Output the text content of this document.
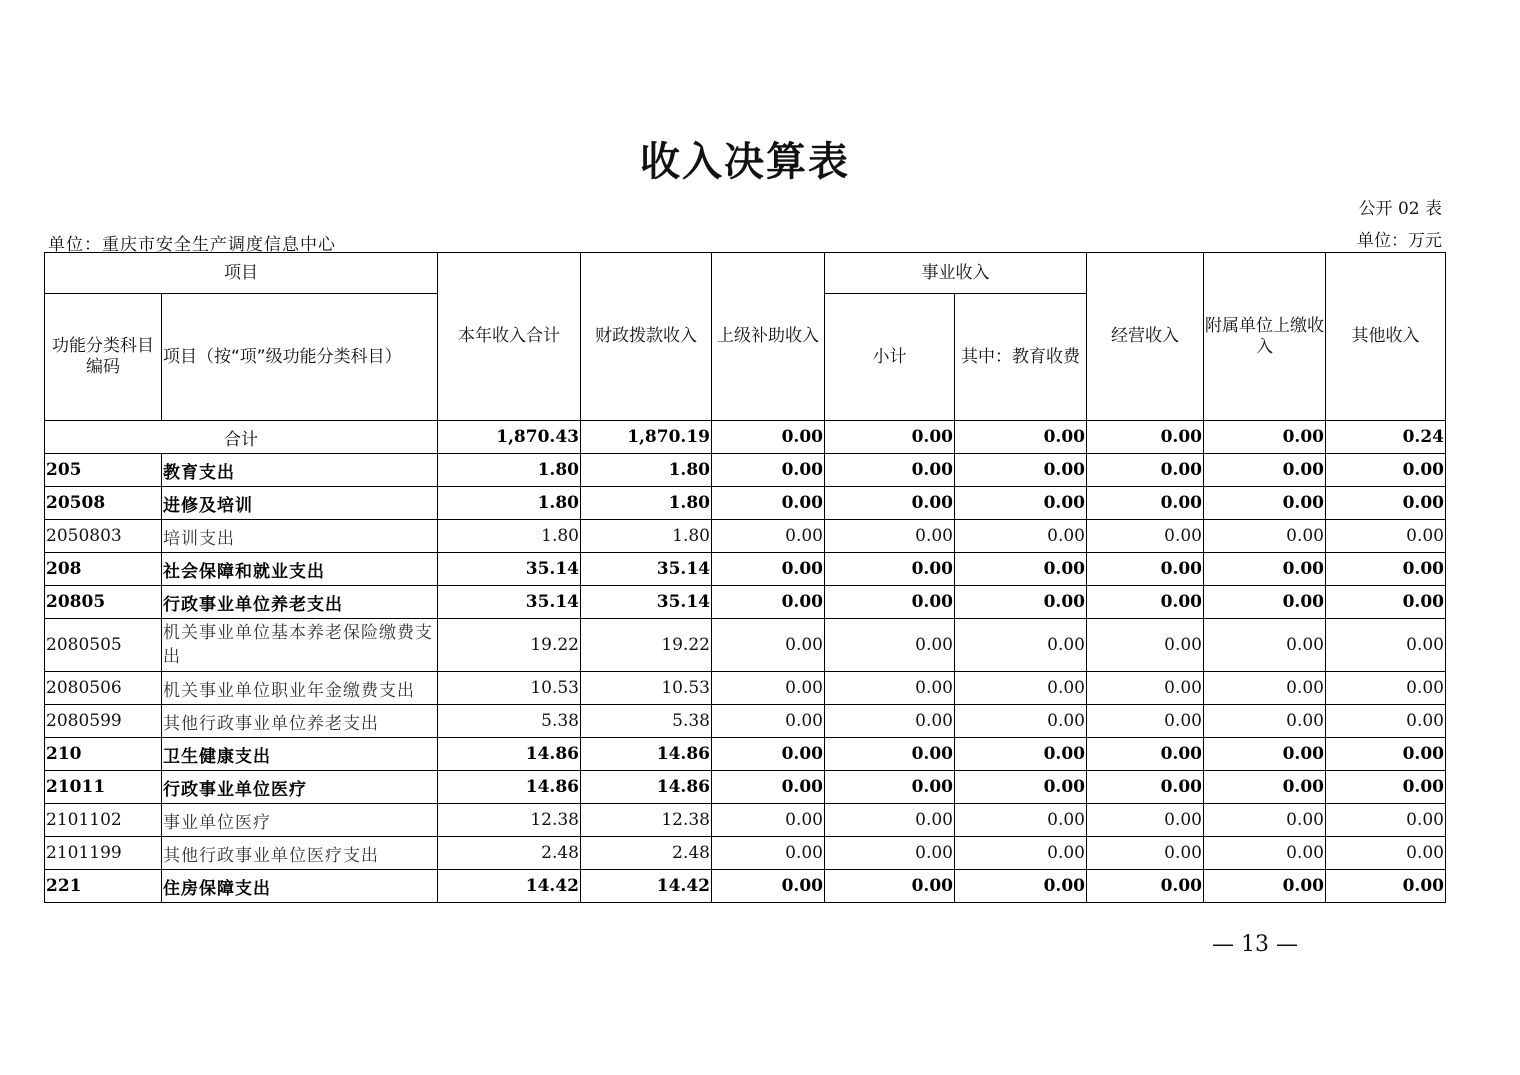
收入决算表
公开 02 表
单位：重庆市安全生产调度信息中心	单位：万元
项目		本年收入合计	财政拨款收入	上级补助收入	事业收入		经营收入	附属单位上缴收入	其他收入
功能分类科目编码	项目（按“项”级功能分类科目）				小计	其中：教育收费			
合计		1,870.43	1,870.19	0.00	0.00	0.00	0.00	0.00	0.24
205	教育支出	1.80	1.80	0.00	0.00	0.00	0.00	0.00	0.00
20508	进修及培训	1.80	1.80	0.00	0.00	0.00	0.00	0.00	0.00
2050803	培训支出	1.80	1.80	0.00	0.00	0.00	0.00	0.00	0.00
208	社会保障和就业支出	35.14	35.14	0.00	0.00	0.00	0.00	0.00	0.00
20805	行政事业单位养老支出	35.14	35.14	0.00	0.00	0.00	0.00	0.00	0.00
2080505	机关事业单位基本养老保险缴费支出	19.22	19.22	0.00	0.00	0.00	0.00	0.00	0.00
2080506	机关事业单位职业年金缴费支出	10.53	10.53	0.00	0.00	0.00	0.00	0.00	0.00
2080599	其他行政事业单位养老支出	5.38	5.38	0.00	0.00	0.00	0.00	0.00	0.00
210	卫生健康支出	14.86	14.86	0.00	0.00	0.00	0.00	0.00	0.00
21011	行政事业单位医疗	14.86	14.86	0.00	0.00	0.00	0.00	0.00	0.00
2101102	事业单位医疗	12.38	12.38	0.00	0.00	0.00	0.00	0.00	0.00
2101199	其他行政事业单位医疗支出	2.48	2.48	0.00	0.00	0.00	0.00	0.00	0.00
221	住房保障支出	14.42	14.42	0.00	0.00	0.00	0.00	0.00	0.00
— 13 —
